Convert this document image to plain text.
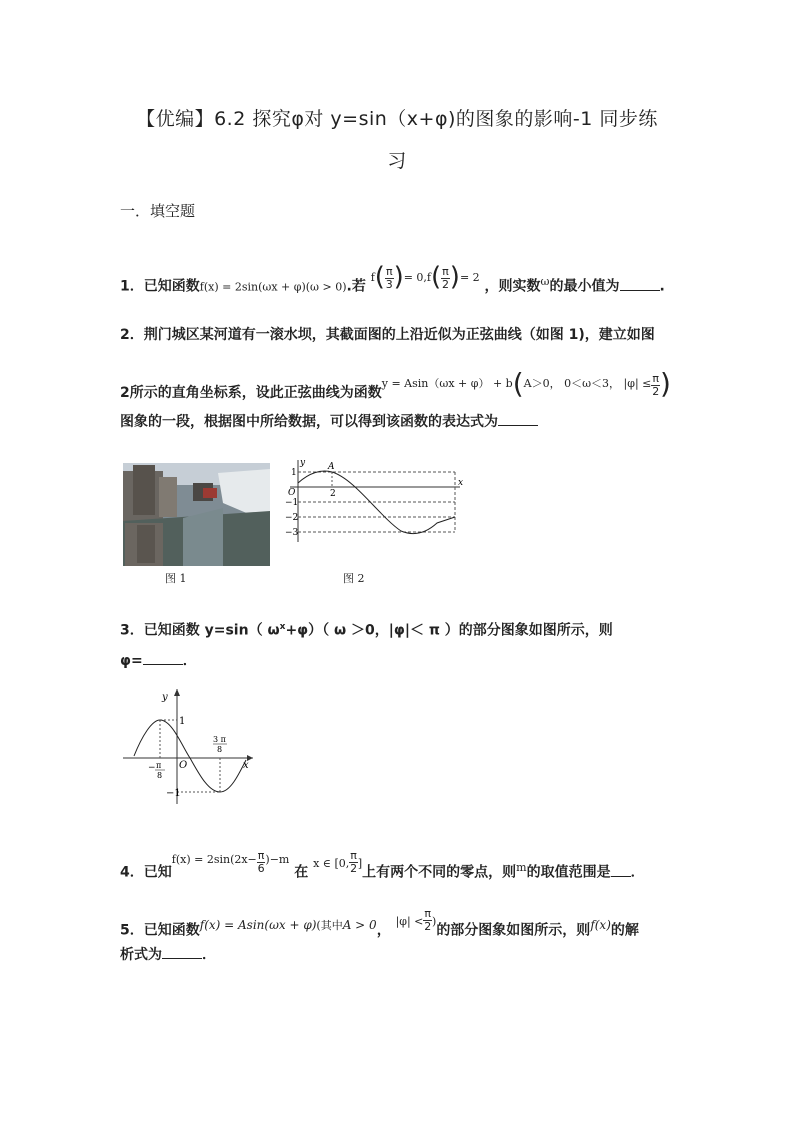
【优编】6.2 探究φ对 y=sin（x+φ)的图象的影响-1 同步练
习
一．填空题
1．已知函数f(x) = 2sin(ωx + φ)(ω > 0).若 $^f( \frac{\pi}{3} )^{= 0,f}( \frac{\pi}{2} )^{= 2}$ ，则实数$^\omega$的最小值为	.
2．荆门城区某河道有一滚水坝，其截面图的上沿近似为正弦曲线（如图 1)，建立如图
2所示的直角坐标系，设此正弦曲线为函数$^{y = Asin(\omega x + \varphi) + b}(^{A>0, 0<\omega<3, |\varphi| \le} \frac{\pi}{2}$ )
图象的一段，根据图中所给数据，可以得到该函数的表达式为
图 1	图 2
y
x
O
A
2
1
−1
−2
−3
3．已知函数 y=sin（ $\omega^x+\varphi$）（ ω ＞0，|φ|＜ π ）的部分图象如图所示，则
φ=	．
y
x
O
1
−1
− π
8
3 π
8
4．已知$^{f(x) = 2sin(2x-} \frac{\pi}{6} ^{)-m}$ 在 $^{x \in [0,} \frac{\pi}{2} ^]$上有两个不同的零点，则$^m$的取值范围是 ．
5．已知函数$f(x) = Asin(\omega x + \varphi)^{(其中}A > 0$， $^{|\varphi| <} \frac{\pi}{2} ^)$的部分图象如图所示，则f(x)的解
析式为	．
